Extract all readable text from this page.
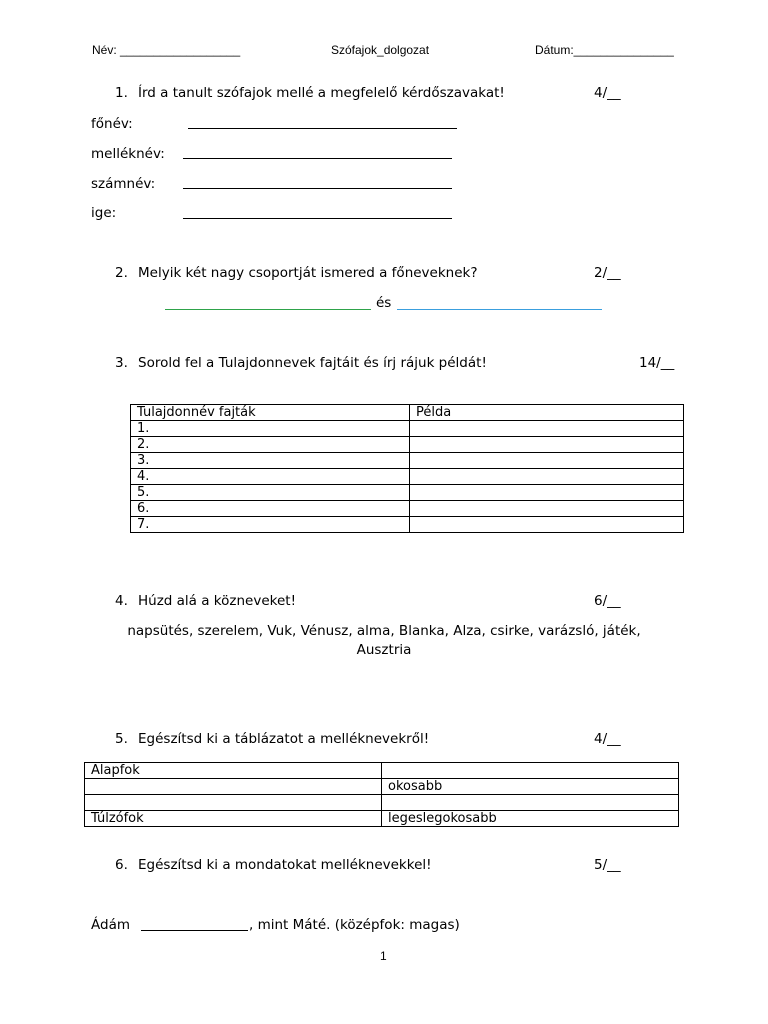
Név: __________________	Szófajok_dolgozat	Dátum:_______________
1. Írd a tanult szófajok mellé a megfelelő kérdőszavakat!	4/__
főnév:
melléknév:
számnév:
ige:
2. Melyik két nagy csoportját ismered a főneveknek?	2/__
és
3. Sorold fel a Tulajdonnevek fajtáit és írj rájuk példát!	14/__
Tulajdonnév fajták	Példa
1.	
2.	
3.	
4.	
5.	
6.	
7.	
4. Húzd alá a közneveket!	6/__
napsütés, szerelem, Vuk, Vénusz, alma, Blanka, Alza, csirke, varázsló, játék,
Ausztria
5. Egészítsd ki a táblázatot a melléknevekről!	4/__
Alapfok	
	okosabb

Túlzófok	legeslegokosabb
6. Egészítsd ki a mondatokat melléknevekkel!	5/__
Ádám	, mint Máté. (középfok: magas)
1
